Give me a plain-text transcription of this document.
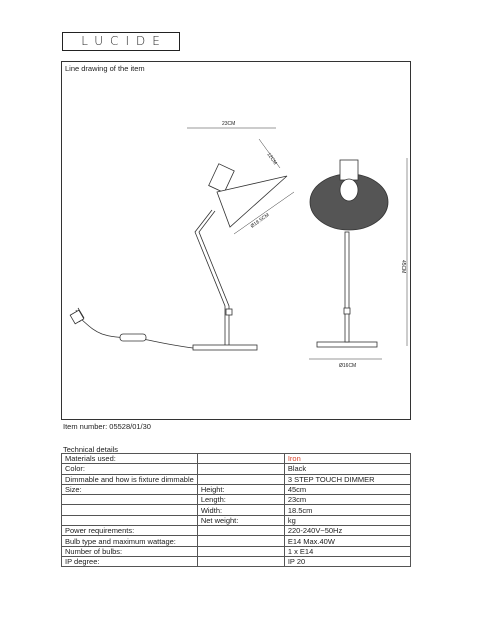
LUCIDE
Line drawing of the item
23CM
12CM
Ø18.5CM
45CM
Ø16CM
Item number: 05528/01/30
Technical details
Materials used:		Iron
Color:		Black
Dimmable and how is fixture dimmable		3 STEP TOUCH DIMMER
Size:	Height:	45cm
	Length:	23cm
	Width:	18.5cm
	Net weight:	kg
Power requirements:		220-240V~50Hz
Bulb type and maximum wattage:		E14 Max.40W
Number of bulbs:		1 x E14
IP degree:		IP 20
